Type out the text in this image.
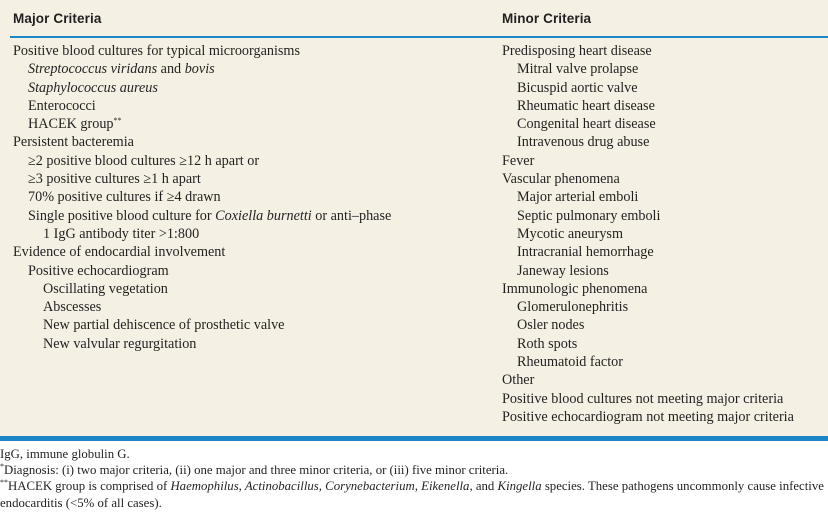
Major Criteria	Minor Criteria
Positive blood cultures for typical microorganisms
Streptococcus viridans and bovis
Staphylococcus aureus
Enterococci
HACEK group**
Persistent bacteremia
≥2 positive blood cultures ≥12 h apart or
≥3 positive cultures ≥1 h apart
70% positive cultures if ≥4 drawn
Single positive blood culture for Coxiella burnetti or anti–phase
1 IgG antibody titer >1:800
Evidence of endocardial involvement
Positive echocardiogram
Oscillating vegetation
Abscesses
New partial dehiscence of prosthetic valve
New valvular regurgitation
Predisposing heart disease
Mitral valve prolapse
Bicuspid aortic valve
Rheumatic heart disease
Congenital heart disease
Intravenous drug abuse
Fever
Vascular phenomena
Major arterial emboli
Septic pulmonary emboli
Mycotic aneurysm
Intracranial hemorrhage
Janeway lesions
Immunologic phenomena
Glomerulonephritis
Osler nodes
Roth spots
Rheumatoid factor
Other
Positive blood cultures not meeting major criteria
Positive echocardiogram not meeting major criteria

IgG, immune globulin G.

*Diagnosis: (i) two major criteria, (ii) one major and three minor criteria, or (iii) five minor criteria.

**HACEK group is comprised of Haemophilus, Actinobacillus, Corynebacterium, Eikenella, and Kingella species. These pathogens uncommonly cause infective endocarditis (<5% of all cases).
